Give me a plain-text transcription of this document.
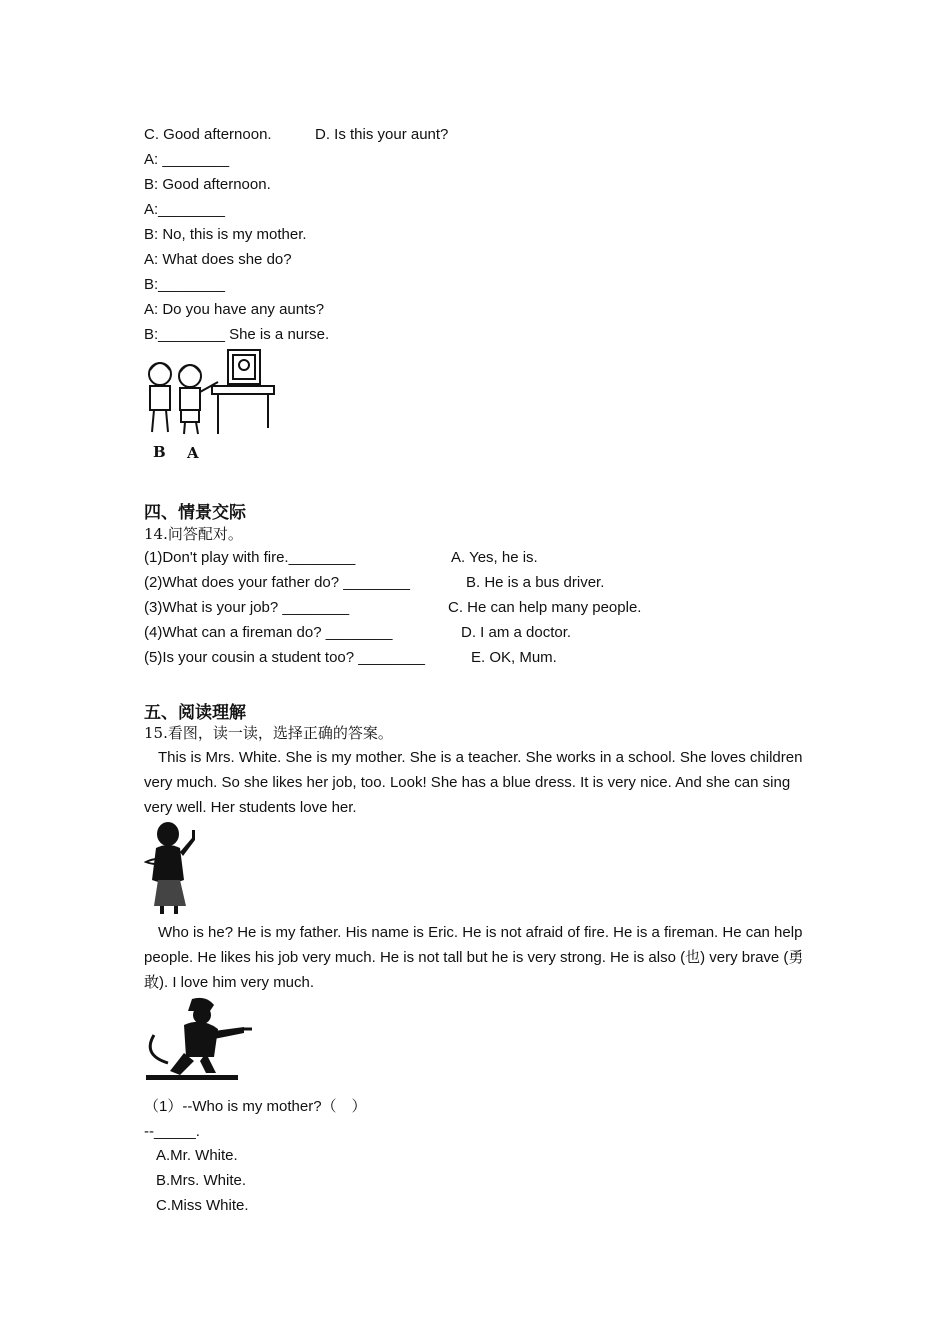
C. Good afternoon.	D. Is this your aunt?
A: ________
B: Good afternoon.
A:________
B: No, this is my mother.
A: What does she do?
B:________
A: Do you have any aunts?
B:________ She is a nurse.
B A
四、情景交际
14.问答配对。
(1)Don't play with fire.________
(2)What does your father do? ________
(3)What is your job? ________
(4)What can a fireman do? ________
(5)Is your cousin a student too? ________
A. Yes, he is.
B. He is a bus driver.
C. He can help many people.
D. I am a doctor.
E. OK, Mum.
五、阅读理解
15.看图，读一读，选择正确的答案。
This is Mrs. White. She is my mother. She is a teacher. She works in a school. She loves children very much. So she likes her job, too. Look! She has a blue dress. It is very nice. And she can sing very well. Her students love her.
Who is he? He is my father. His name is Eric. He is not afraid of fire. He is a fireman. He can help people. He likes his job very much. He is not tall but he is very strong. He is also (也) very brave (勇敢). I love him very much.
（1）--Who is my mother?（　）
--_____.
A.Mr. White.
B.Mrs. White.
C.Miss White.
